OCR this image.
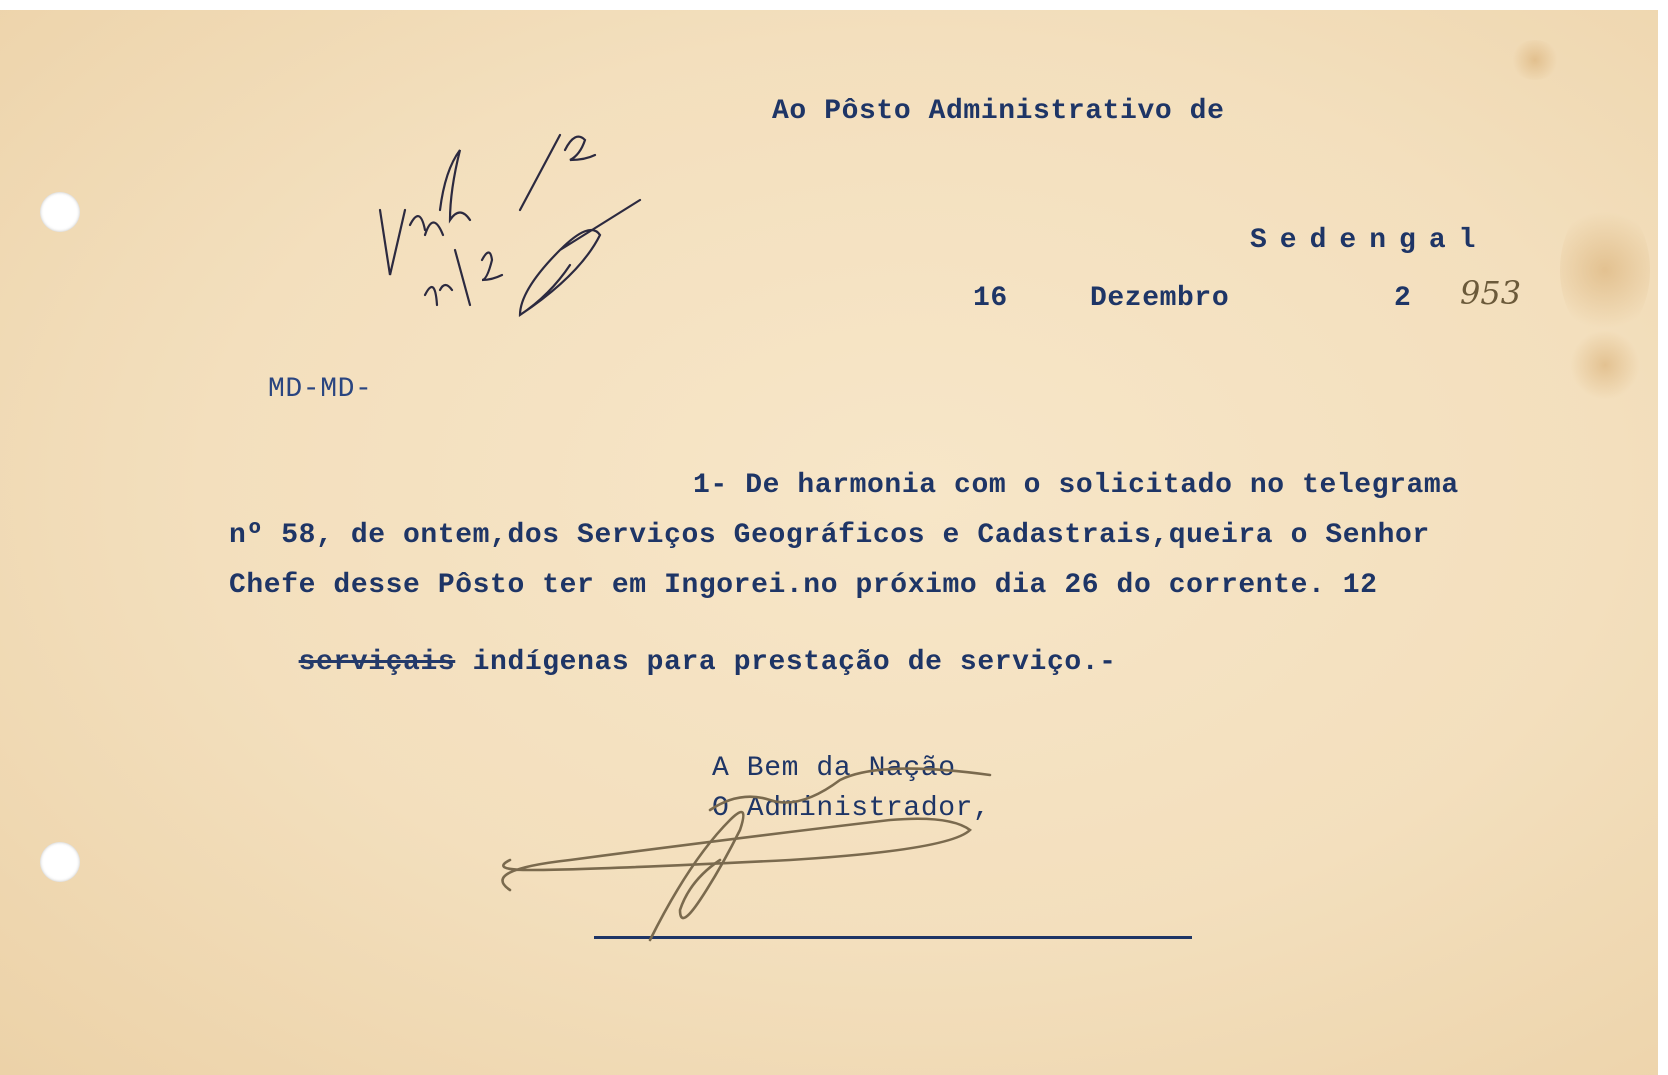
Ao Pôsto Administrativo de
Sedengal
16	Dezembro	2 953
MD-MD-
1- De harmonia com o solicitado no telegrama
nº 58, de ontem,dos Serviços Geográficos e Cadastrais,queira o Senhor
Chefe desse Pôsto ter em Ingorei.no próximo dia 26 do corrente. 12

serviçais indígenas para prestação de serviço.-

A Bem da Nação
O Administrador,
